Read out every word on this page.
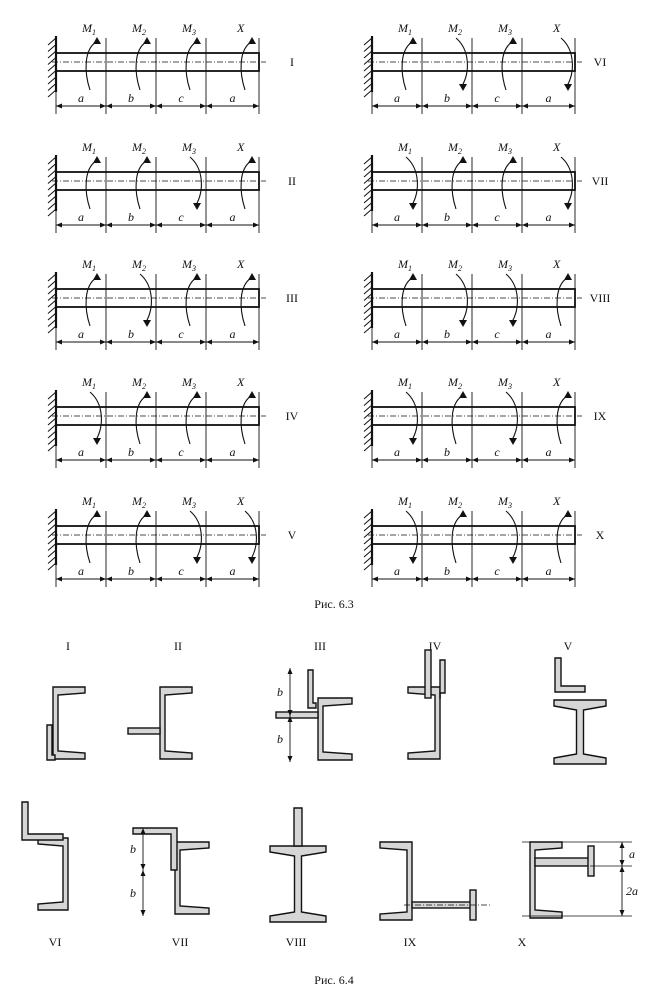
a	b	c	a
$M_1$	$M_2$	$M_3$	X
I
a	b	c	a
$M_1$	$M_2$	$M_3$	X
II
a	b	c	a
$M_1$	$M_2$	$M_3$	X
III
a	b	c	a
$M_1$	$M_2$	$M_3$	X
IV
a	b	c	a
$M_1$	$M_2$	$M_3$	X
V
a	b	c	a
$M_1$	$M_2$	$M_3$	X
VI
a	b	c	a
$M_1$	$M_2$	$M_3$	X
VII
a	b	c	a
$M_1$	$M_2$	$M_3$	X
VIII
a	b	c	a
$M_1$	$M_2$	$M_3$	X
IX
a	b	c	a
$M_1$	$M_2$	$M_3$	X
X
Рис. 6.3
I	II
b
b
III	IV	V
VI
b
b
VII	VIII	IX
a
2a
X
Рис. 6.4
